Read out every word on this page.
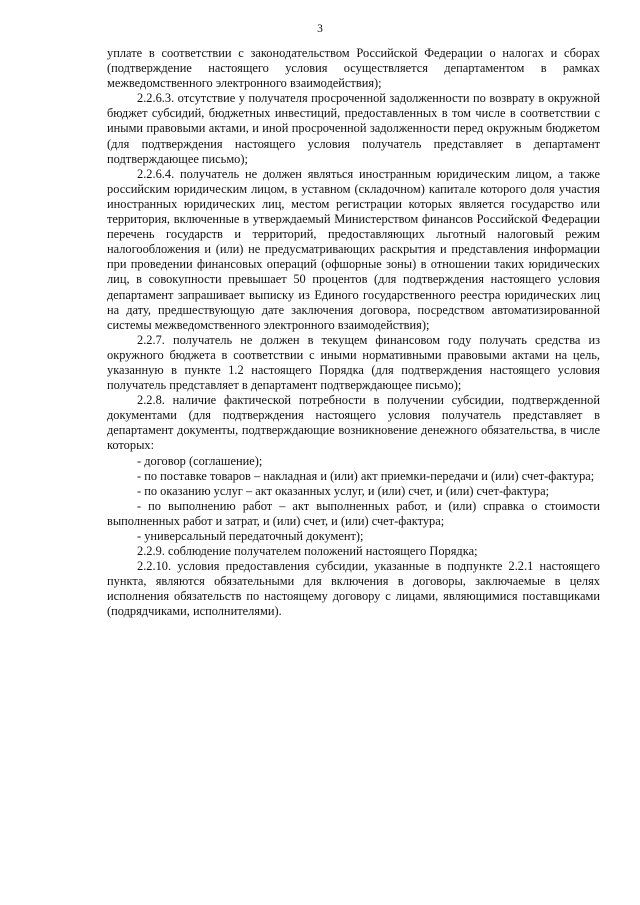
3

уплате в соответствии с законодательством Российской Федерации о налогах и сборах (подтверждение настоящего условия осуществляется департаментом в рамках межведомственного электронного взаимодействия);

2.2.6.3. отсутствие у получателя просроченной задолженности по возврату в окружной бюджет субсидий, бюджетных инвестиций, предоставленных в том числе в соответствии с иными правовыми актами, и иной просроченной задолженности перед окружным бюджетом (для подтверждения настоящего условия получатель представляет в департамент подтверждающее письмо);

2.2.6.4. получатель не должен являться иностранным юридическим лицом, а также российским юридическим лицом, в уставном (складочном) капитале которого доля участия иностранных юридических лиц, местом регистрации которых является государство или территория, включенные в утверждаемый Министерством финансов Российской Федерации перечень государств и территорий, предоставляющих льготный налоговый режим налогообложения и (или) не предусматривающих раскрытия и представления информации при проведении финансовых операций (офшорные зоны) в отношении таких юридических лиц, в совокупности превышает 50 процентов (для подтверждения настоящего условия департамент запрашивает выписку из Единого государственного реестра юридических лиц на дату, предшествующую дате заключения договора, посредством автоматизированной системы межведомственного электронного взаимодействия);

2.2.7. получатель не должен в текущем финансовом году получать средства из окружного бюджета в соответствии с иными нормативными правовыми актами на цель, указанную в пункте 1.2 настоящего Порядка (для подтверждения настоящего условия получатель представляет в департамент подтверждающее письмо);

2.2.8. наличие фактической потребности в получении субсидии, подтвержденной документами (для подтверждения настоящего условия получатель представляет в департамент документы, подтверждающие возникновение денежного обязательства, в числе которых:

- договор (соглашение);

- по поставке товаров – накладная и (или) акт приемки-передачи и (или) счет-фактура;

- по оказанию услуг – акт оказанных услуг, и (или) счет, и (или) счет-фактура;

- по выполнению работ – акт выполненных работ, и (или) справка о стоимости выполненных работ и затрат, и (или) счет, и (или) счет-фактура;

- универсальный передаточный документ);

2.2.9. соблюдение получателем положений настоящего Порядка;

2.2.10. условия предоставления субсидии, указанные в подпункте 2.2.1 настоящего пункта, являются обязательными для включения в договоры, заключаемые в целях исполнения обязательств по настоящему договору с лицами, являющимися поставщиками (подрядчиками, исполнителями).
